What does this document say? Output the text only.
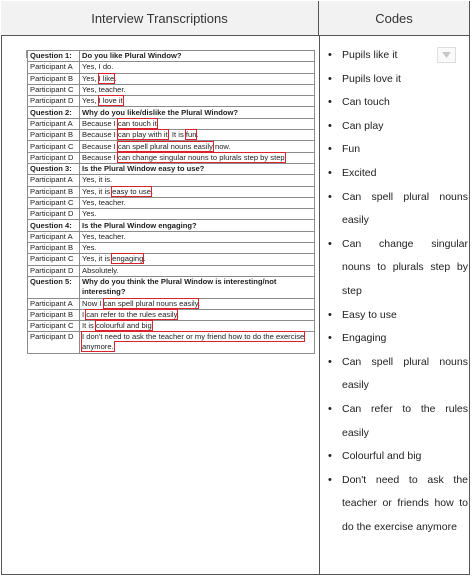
Interview Transcriptions	Codes
Question 1:	Do you like Plural Window?
Participant A	Yes, I do.
Participant B	Yes, I like.
Participant C	Yes, teacher.
Participant D	Yes, I love it.
Question 2:	Why do you like/dislike the Plural Window?
Participant A	Because I can touch it.
Participant B	Because I can play with it. It is fun.
Participant C	Because I can spell plural nouns easily now.
Participant D	Because I can change singular nouns to plurals step by step.
Question 3:	Is the Plural Window easy to use?
Participant A	Yes, it is.
Participant B	Yes, it is easy to use.
Participant C	Yes, teacher.
Participant D	Yes.
Question 4:	Is the Plural Window engaging?
Participant A	Yes, teacher.
Participant B	Yes.
Participant C	Yes, it is engaging.
Participant D	Absolutely.
Question 5:	Why do you think the Plural Window is interesting/not interesting?
Participant A	Now I can spell plural nouns easily.
Participant B	I can refer to the rules easily.
Participant C	It is colourful and big.
Participant D	I don't need to ask the teacher or my friend how to do the exercise anymore.
• Pupils like it
• Pupils love it
• Can touch
• Can play
• Fun
• Excited
• Can spell plural nouns easily
• Can change singular nouns to plurals step by step
• Easy to use
• Engaging
• Can spell plural nouns easily
• Can refer to the rules easily
• Colourful and big
• Don't need to ask the teacher or friends how to do the exercise anymore
